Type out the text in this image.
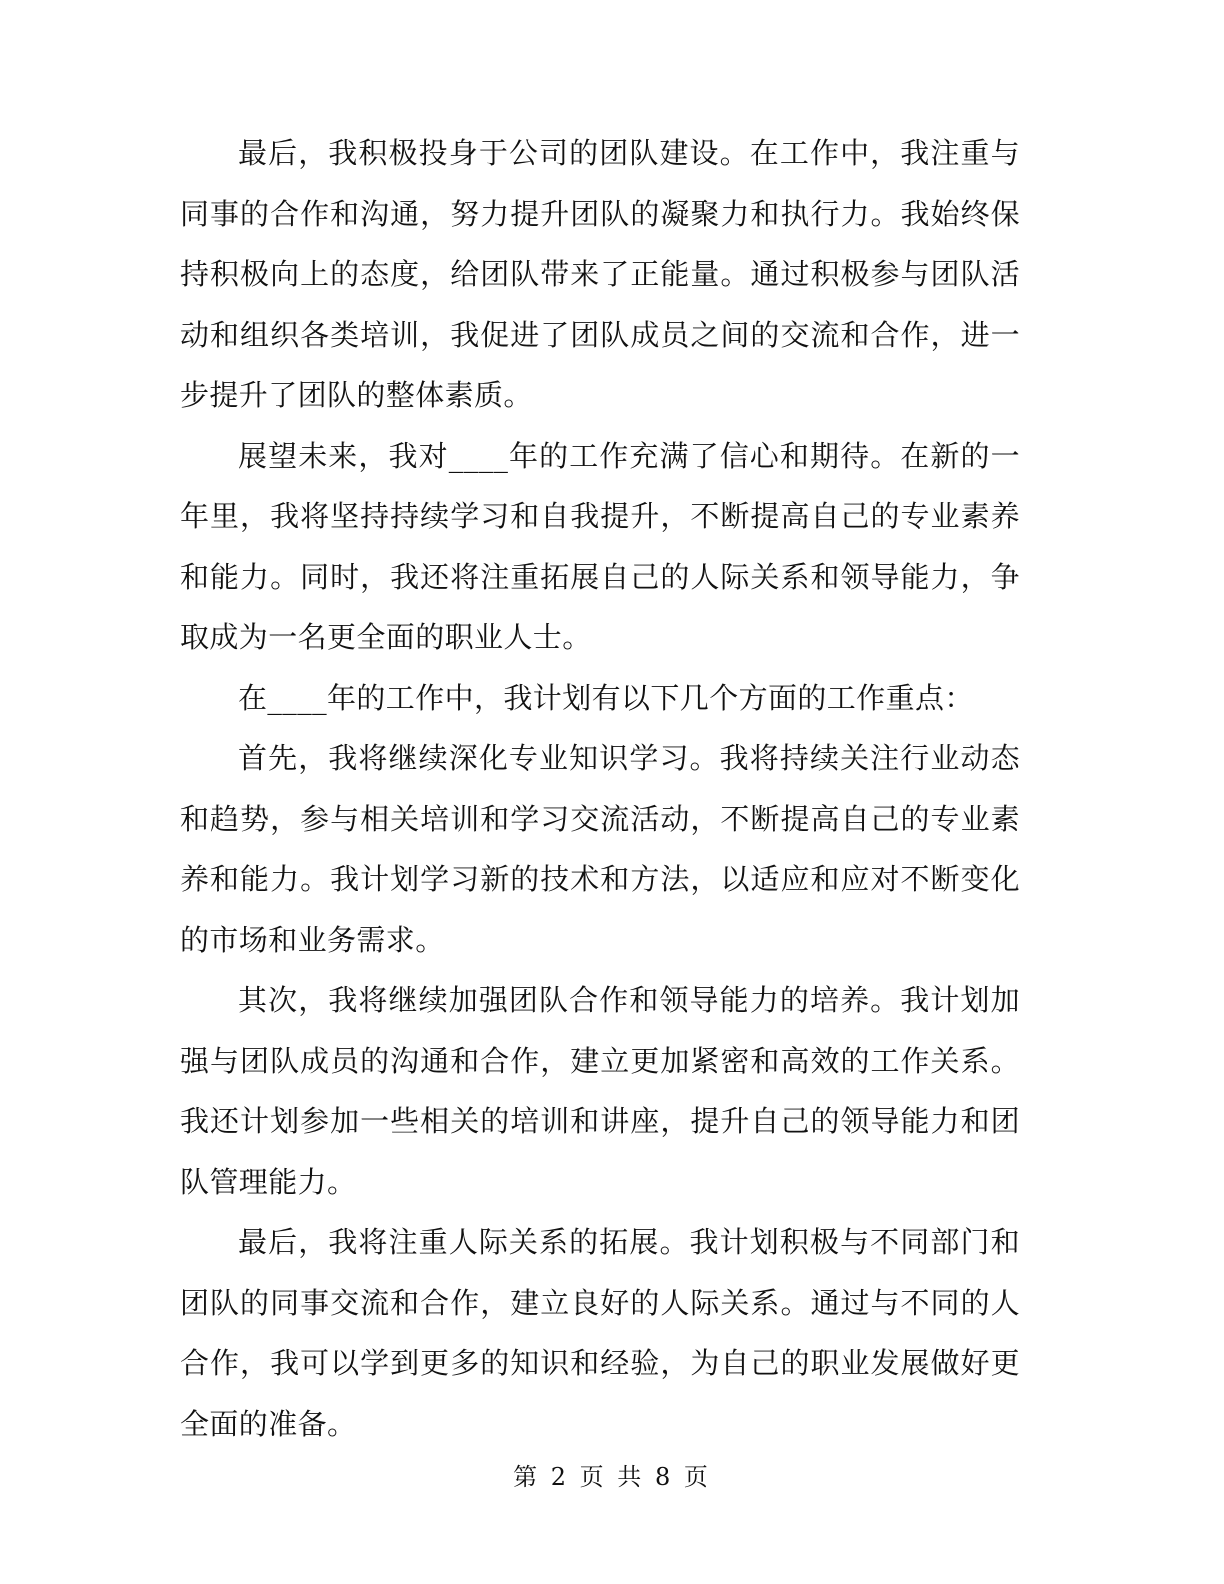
最后，我积极投身于公司的团队建设。在工作中，我注重与同事的合作和沟通，努力提升团队的凝聚力和执行力。我始终保持积极向上的态度，给团队带来了正能量。通过积极参与团队活动和组织各类培训，我促进了团队成员之间的交流和合作，进一步提升了团队的整体素质。

展望未来，我对____年的工作充满了信心和期待。在新的一年里，我将坚持持续学习和自我提升，不断提高自己的专业素养和能力。同时，我还将注重拓展自己的人际关系和领导能力，争取成为一名更全面的职业人士。

在____年的工作中，我计划有以下几个方面的工作重点：

首先，我将继续深化专业知识学习。我将持续关注行业动态和趋势，参与相关培训和学习交流活动，不断提高自己的专业素养和能力。我计划学习新的技术和方法，以适应和应对不断变化的市场和业务需求。

其次，我将继续加强团队合作和领导能力的培养。我计划加强与团队成员的沟通和合作，建立更加紧密和高效的工作关系。我还计划参加一些相关的培训和讲座，提升自己的领导能力和团队管理能力。

最后，我将注重人际关系的拓展。我计划积极与不同部门和团队的同事交流和合作，建立良好的人际关系。通过与不同的人合作，我可以学到更多的知识和经验，为自己的职业发展做好更全面的准备。

第 2 页 共 8 页
